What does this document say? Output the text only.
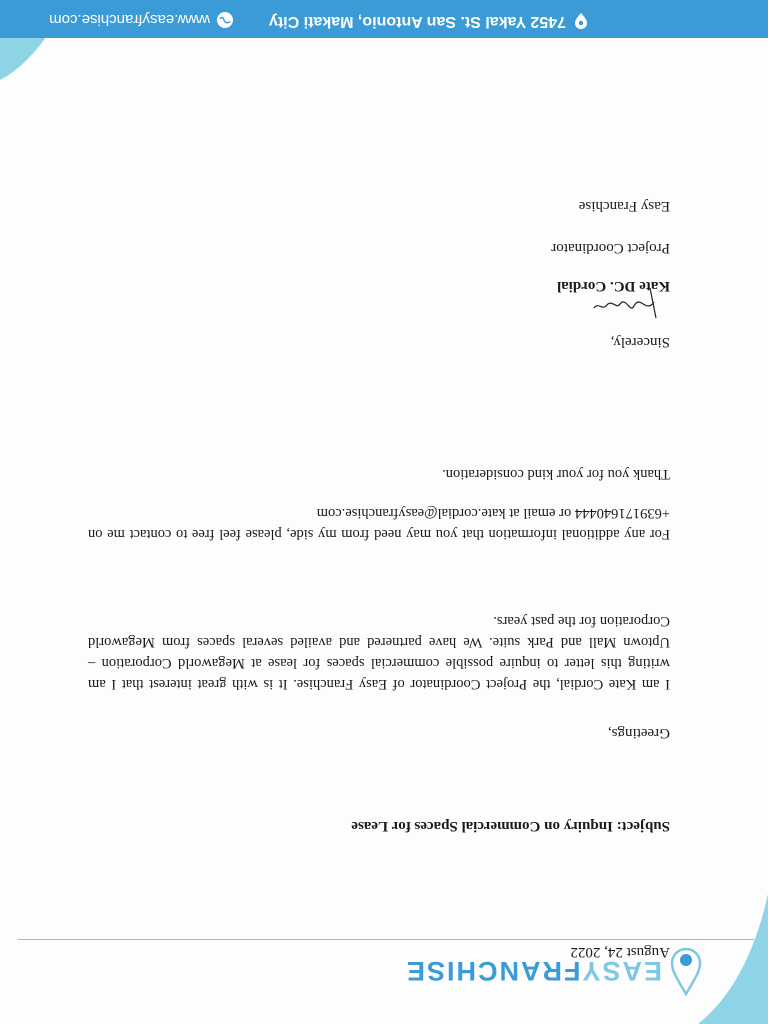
EASYFRANCHISE
August 24, 2022
Subject: Inquiry on Commercial Spaces for Lease
Greetings,
I am Kate Cordial, the Project Coordinator of Easy Franchise. It is with great interest that I am writing this letter to inquire possible commercial spaces for lease at Megaworld Corporation – Uptown Mall and Park suite. We have partnered and availed several spaces from Megaworld Corporation for the past years.
For any additional information that you may need from my side, please feel free to contact me on +639171640444 or email at kate.cordial@easyfranchise.com
Thank you for your kind consideration.
Sincerely,
Kate DC. Cordial
Project Coordinator
Easy Franchise
7452 Yakal St. San Antonio, Makati City
www.easyfranchise.com
